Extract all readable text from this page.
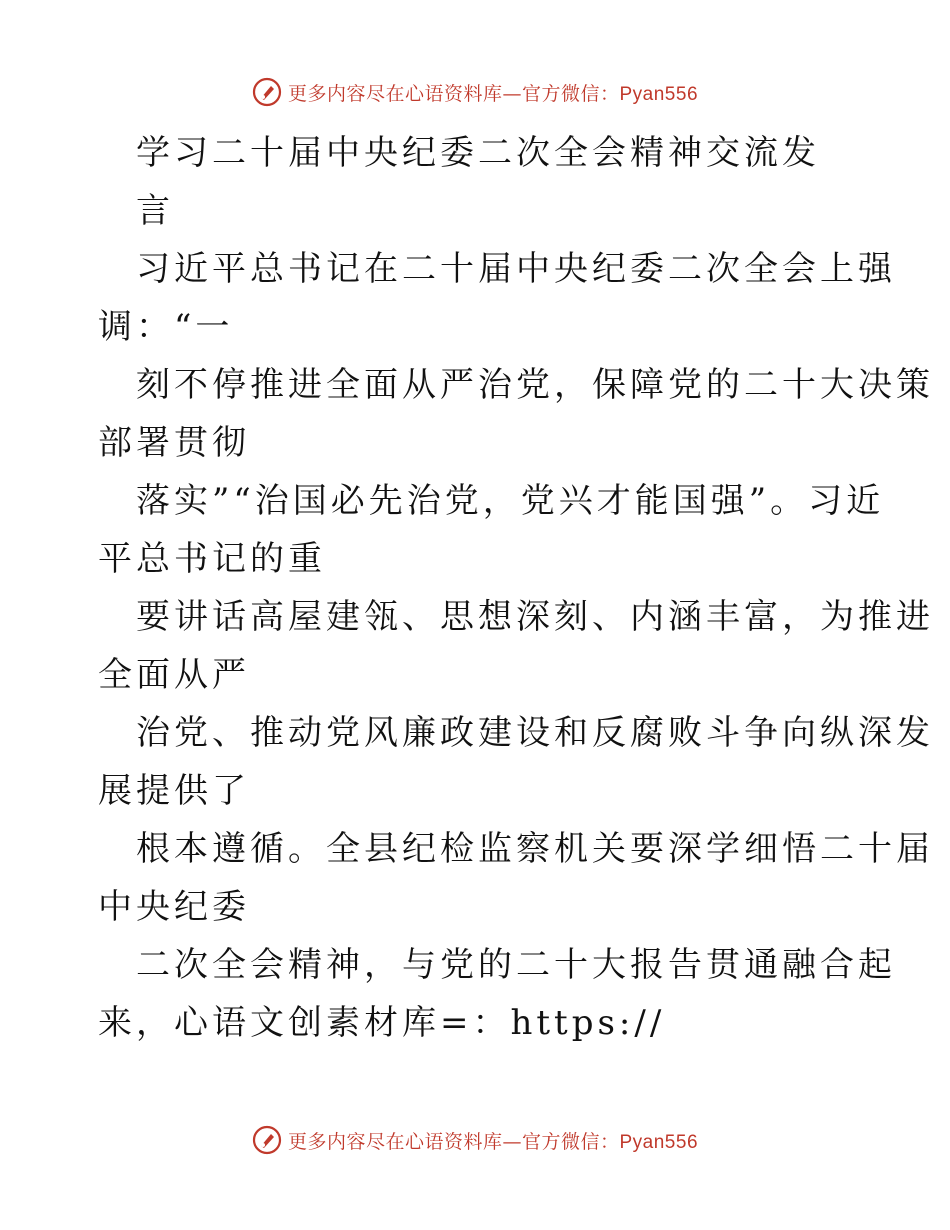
更多内容尽在心语资料库—官方微信：Pyan556
学习二十届中央纪委二次全会精神交流发
言
习近平总书记在二十届中央纪委二次全会上强
调：“一
刻不停推进全面从严治党，保障党的二十大决策
部署贯彻
落实”“治国必先治党，党兴才能国强”。习近
平总书记的重
要讲话高屋建瓴、思想深刻、内涵丰富，为推进
全面从严
治党、推动党风廉政建设和反腐败斗争向纵深发
展提供了
根本遵循。全县纪检监察机关要深学细悟二十届
中央纪委
二次全会精神，与党的二十大报告贯通融合起
来，心语文创素材库=：https://
更多内容尽在心语资料库—官方微信：Pyan556
